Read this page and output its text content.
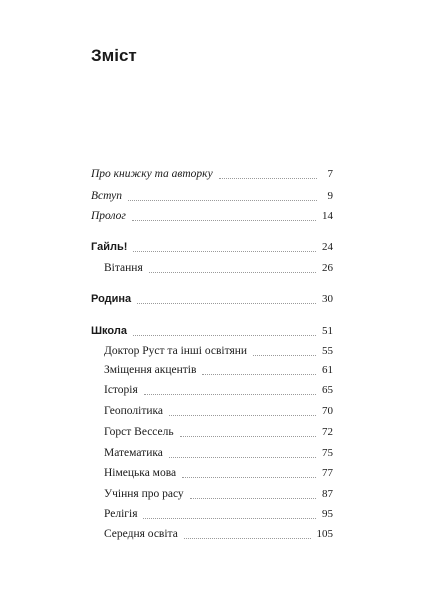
Зміст
Про книжку та авторку	7
Вступ	9
Пролог	14
Гайль!	24
Вітання	26
Родина	30
Школа	51
Доктор Руст та інші освітяни	55
Зміщення акцентів	61
Історія	65
Геополітика	70
Горст Вессель	72
Математика	75
Німецька мова	77
Учіння про расу	87
Релігія	95
Середня освіта	105
